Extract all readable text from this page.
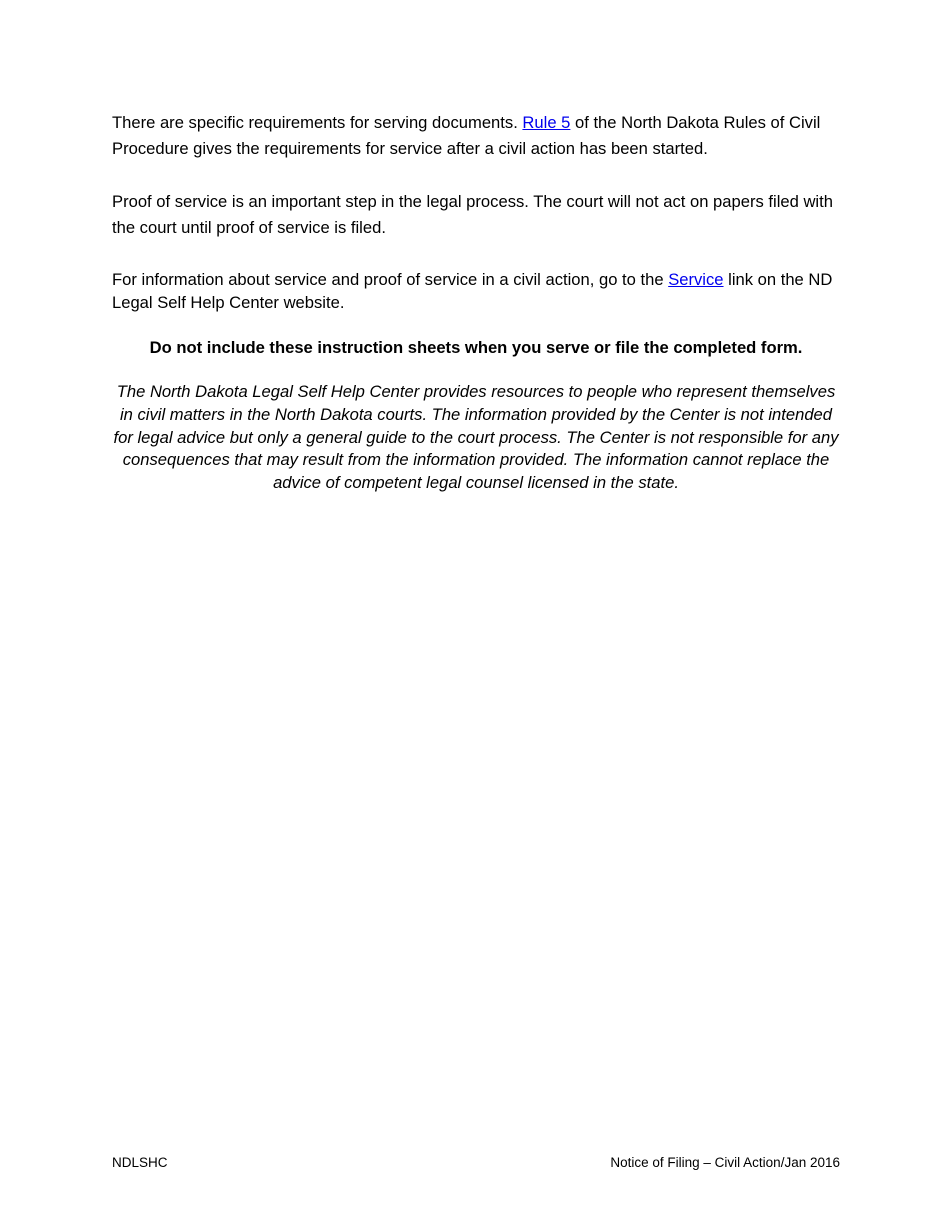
There are specific requirements for serving documents. Rule 5 of the North Dakota Rules of Civil Procedure gives the requirements for service after a civil action has been started.

Proof of service is an important step in the legal process. The court will not act on papers filed with the court until proof of service is filed.

For information about service and proof of service in a civil action, go to the Service link on the ND Legal Self Help Center website.

Do not include these instruction sheets when you serve or file the completed form.

The North Dakota Legal Self Help Center provides resources to people who represent themselves in civil matters in the North Dakota courts. The information provided by the Center is not intended for legal advice but only a general guide to the court process. The Center is not responsible for any consequences that may result from the information provided. The information cannot replace the advice of competent legal counsel licensed in the state.

NDLSHC	Notice of Filing – Civil Action/Jan 2016
